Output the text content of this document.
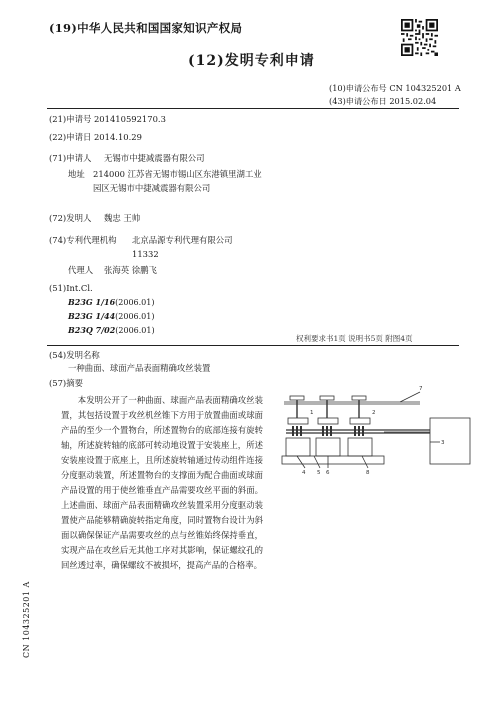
(19)中华人民共和国国家知识产权局
(12)发明专利申请
(10)申请公布号 CN 104325201 A
(43)申请公布日 2015.02.04
(21)申请号 201410592170.3
(22)申请日 2014.10.29
(71)申请人 无锡市中捷减震器有限公司
地址 214000 江苏省无锡市锡山区东港镇里湖工业园区无锡市中捷减震器有限公司
(72)发明人 魏忠 王帅
(74)专利代理机构 北京品源专利代理有限公司 11332
代理人 张海英 徐鹏飞
(51)Int.Cl.
B23G 1/16(2006.01)
B23G 1/44(2006.01)
B23Q 7/02(2006.01)
权利要求书1页 说明书5页 附图4页
(54)发明名称
一种曲面、球面产品表面精确攻丝装置
(57)摘要
本发明公开了一种曲面、球面产品表面精确攻丝装置，其包括设置于攻丝机丝锥下方用于放置曲面或球面产品的至少一个置物台，所述置物台的底部连接有旋转轴，所述旋转轴的底部可转动地设置于安装座上，所述安装座设置于底座上，且所述旋转轴通过传动组件连接分度驱动装置，所述置物台的支撑面为配合曲面或球面产品设置的用于使丝锥垂直产品需要攻丝平面的斜面。上述曲面、球面产品表面精确攻丝装置采用分度驱动装置使产品能够精确旋转指定角度，同时置物台设计为斜面以确保保证产品需要攻丝的点与丝锥始终保持垂直，实现产品在攻丝后无其他工序对其影响，保证螺纹孔的回丝透过率，确保螺纹不被损坏，提高产品的合格率。
CN 104325201 A
7
4 5 6	8
3
1	2
